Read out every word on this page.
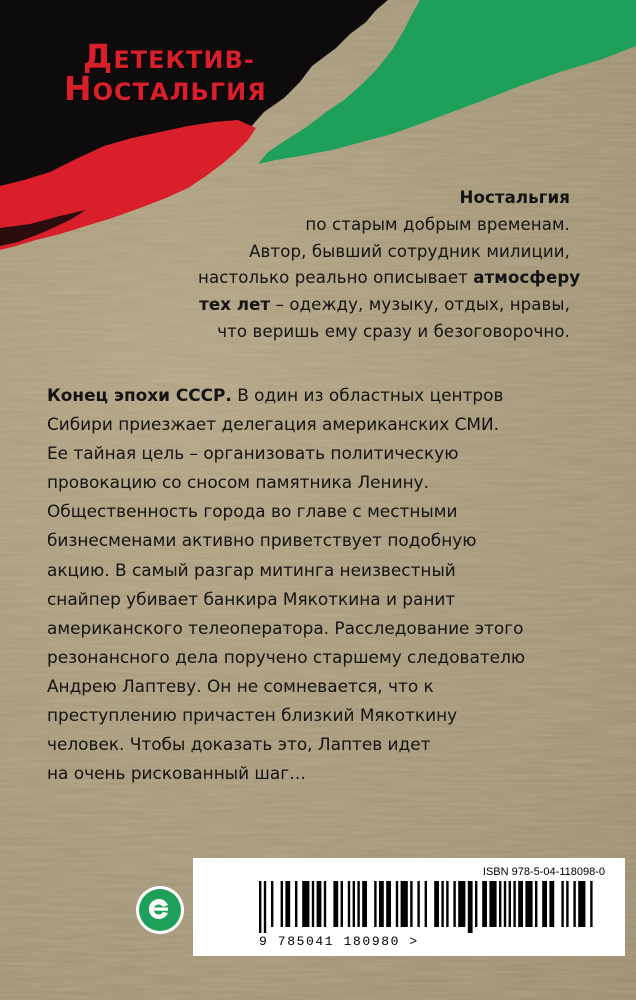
ДЕТЕКТИВ-
НОСТАЛЬГИЯ
Ностальгия
по старым добрым временам.
Автор, бывший сотрудник милиции,
настолько реально описывает атмосферу
тех лет – одежду, музыку, отдых, нравы,
что веришь ему сразу и безоговорочно.
Конец эпохи СССР. В один из областных центров
Сибири приезжает делегация американских СМИ.
Ее тайная цель – организовать политическую
провокацию со сносом памятника Ленину.
Общественность города во главе с местными
бизнесменами активно приветствует подобную
акцию. В самый разгар митинга неизвестный
снайпер убивает банкира Мякоткина и ранит
американского телеоператора. Расследование этого
резонансного дела поручено старшему следователю
Андрею Лаптеву. Он не сомневается, что к
преступлению причастен близкий Мякоткину
человек. Чтобы доказать это, Лаптев идет
на очень рискованный шаг…
ISBN 978-5-04-118098-0
9 785041 180980 >
